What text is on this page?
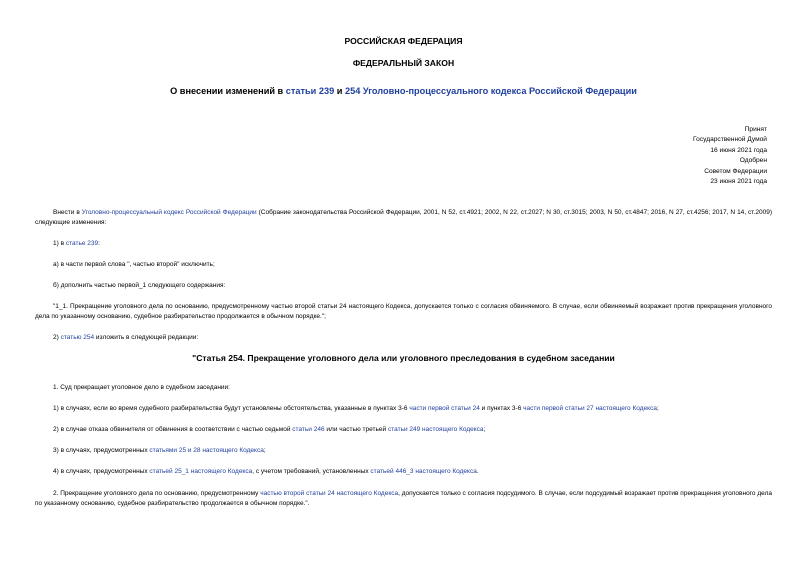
РОССИЙСКАЯ ФЕДЕРАЦИЯ
ФЕДЕРАЛЬНЫЙ ЗАКОН
О внесении изменений в статьи 239 и 254 Уголовно-процессуального кодекса Российской Федерации
Принят
Государственной Думой
16 июня 2021 года
Одобрен
Советом Федерации
23 июня 2021 года
Внести в Уголовно-процессуальный кодекс Российской Федерации (Собрание законодательства Российской Федерации, 2001, N 52, ст.4921; 2002, N 22, ст.2027; N 30, ст.3015; 2003, N 50, ст.4847; 2016, N 27, ст.4256; 2017, N 14, ст.2009) следующие изменения:
1) в статье 239:
а) в части первой слова ", частью второй" исключить;
б) дополнить частью первой_1 следующего содержания:
"1_1. Прекращение уголовного дела по основанию, предусмотренному частью второй статьи 24 настоящего Кодекса, допускается только с согласия обвиняемого. В случае, если обвиняемый возражает против прекращения уголовного дела по указанному основанию, судебное разбирательство продолжается в обычном порядке.";
2) статью 254 изложить в следующей редакции:
"Статья 254. Прекращение уголовного дела или уголовного преследования в судебном заседании
1. Суд прекращает уголовное дело в судебном заседании:
1) в случаях, если во время судебного разбирательства будут установлены обстоятельства, указанные в пунктах 3-6 части первой статьи 24 и пунктах 3-6 части первой статьи 27 настоящего Кодекса;
2) в случае отказа обвинителя от обвинения в соответствии с частью седьмой статьи 246 или частью третьей статьи 249 настоящего Кодекса;
3) в случаях, предусмотренных статьями 25 и 28 настоящего Кодекса;
4) в случаях, предусмотренных статьей 25_1 настоящего Кодекса, с учетом требований, установленных статьей 446_3 настоящего Кодекса.
2. Прекращение уголовного дела по основанию, предусмотренному частью второй статьи 24 настоящего Кодекса, допускается только с согласия подсудимого. В случае, если подсудимый возражает против прекращения уголовного дела по указанному основанию, судебное разбирательство продолжается в обычном порядке.".
